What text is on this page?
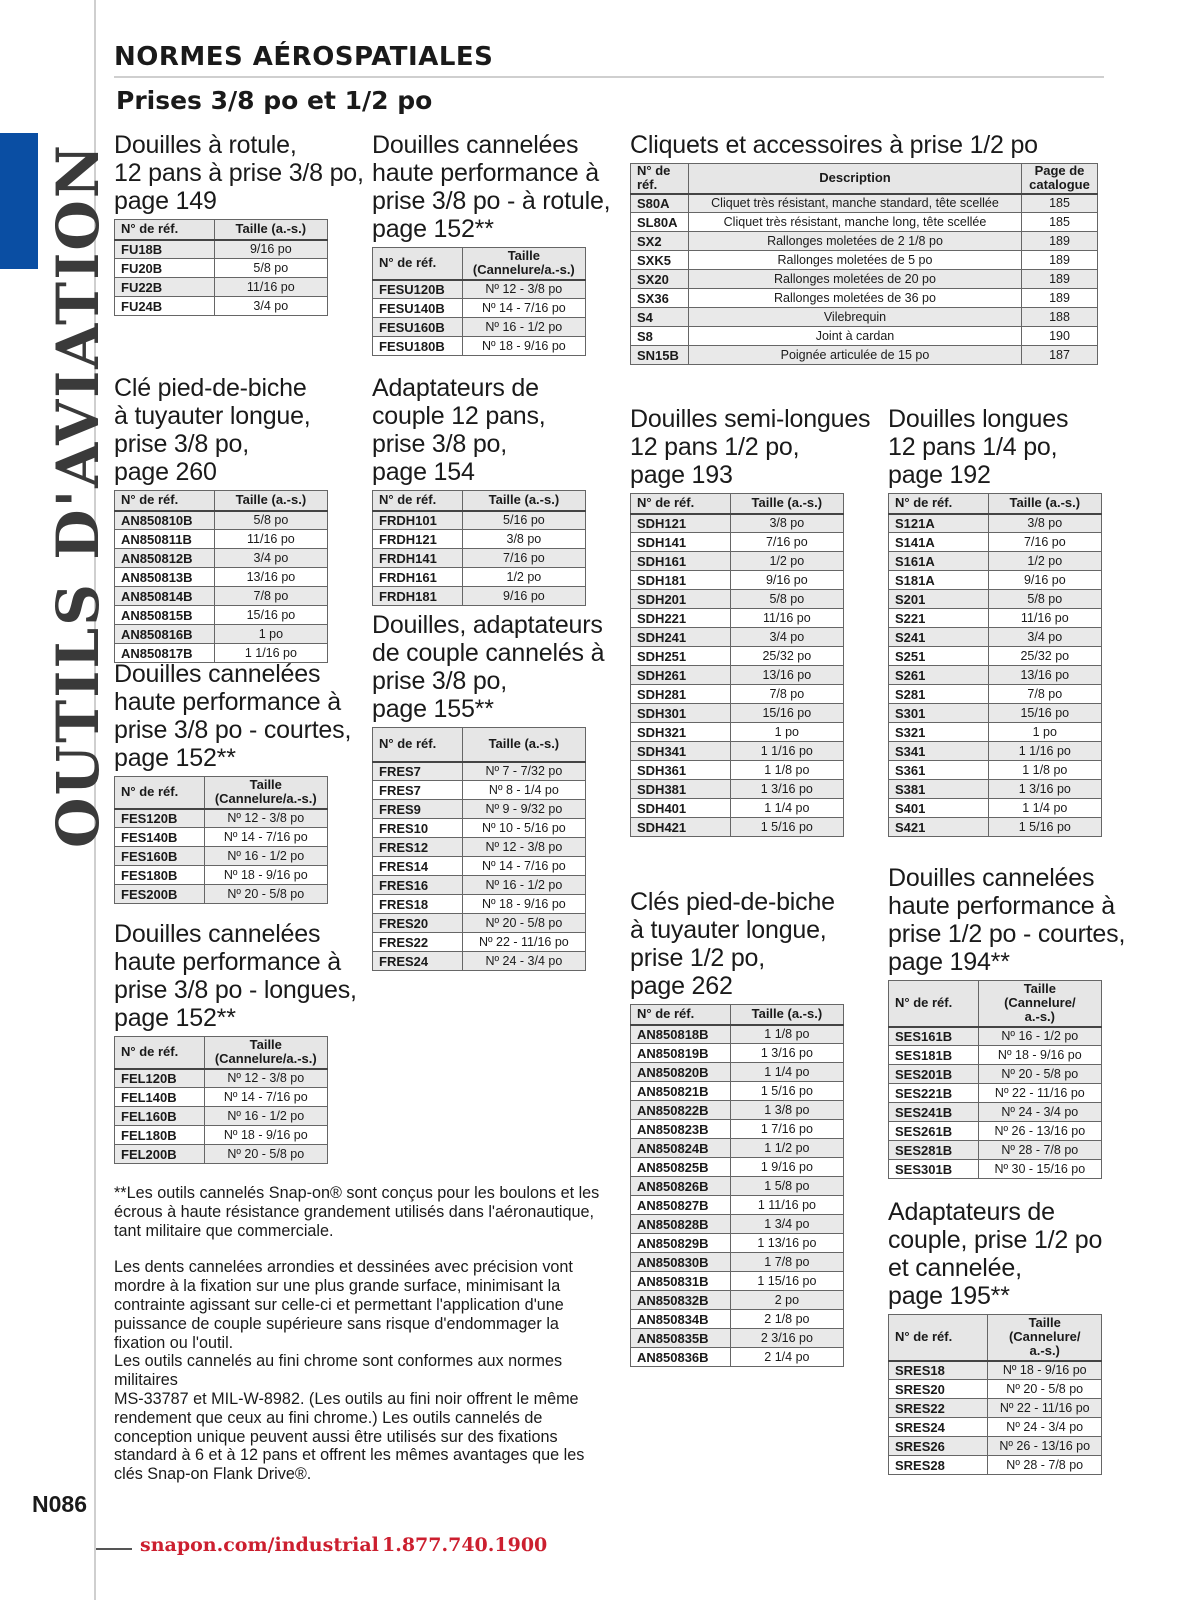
OUTILS D'AVIATION
N086
NORMES AÉROSPATIALES
Prises 3/8 po et 1/2 po
Douilles à rotule,
12 pans à prise 3/8 po,
page 149
N° de réf.	Taille (a.-s.)
FU18B	9/16 po
FU20B	5/8 po
FU22B	11/16 po
FU24B	3/4 po
Clé pied-de-biche
à tuyauter longue,
prise 3/8 po,
page 260
N° de réf.	Taille (a.-s.)
AN850810B	5/8 po
AN850811B	11/16 po
AN850812B	3/4 po
AN850813B	13/16 po
AN850814B	7/8 po
AN850815B	15/16 po
AN850816B	1 po
AN850817B	1 1/16 po
Douilles cannelées
haute performance à
prise 3/8 po - courtes,
page 152**
N° de réf.	Taille
(Cannelure/a.-s.)
FES120B	Nº 12 - 3/8 po
FES140B	Nº 14 - 7/16 po
FES160B	Nº 16 - 1/2 po
FES180B	Nº 18 - 9/16 po
FES200B	Nº 20 - 5/8 po
Douilles cannelées
haute performance à
prise 3/8 po - longues,
page 152**
N° de réf.	Taille
(Cannelure/a.-s.)
FEL120B	Nº 12 - 3/8 po
FEL140B	Nº 14 - 7/16 po
FEL160B	Nº 16 - 1/2 po
FEL180B	Nº 18 - 9/16 po
FEL200B	Nº 20 - 5/8 po
Douilles cannelées
haute performance à
prise 3/8 po - à rotule,
page 152**
N° de réf.	Taille
(Cannelure/a.-s.)
FESU120B	Nº 12 - 3/8 po
FESU140B	Nº 14 - 7/16 po
FESU160B	Nº 16 - 1/2 po
FESU180B	Nº 18 - 9/16 po
Adaptateurs de
couple 12 pans,
prise 3/8 po,
page 154
N° de réf.	Taille (a.-s.)
FRDH101	5/16 po
FRDH121	3/8 po
FRDH141	7/16 po
FRDH161	1/2 po
FRDH181	9/16 po
Douilles, adaptateurs
de couple cannelés à
prise 3/8 po,
page 155**
N° de réf.	Taille (a.-s.)
FRES7	Nº 7 - 7/32 po
FRES7	Nº 8 - 1/4 po
FRES9	Nº 9 - 9/32 po
FRES10	Nº 10 - 5/16 po
FRES12	Nº 12 - 3/8 po
FRES14	Nº 14 - 7/16 po
FRES16	Nº 16 - 1/2 po
FRES18	Nº 18 - 9/16 po
FRES20	Nº 20 - 5/8 po
FRES22	Nº 22 - 11/16 po
FRES24	Nº 24 - 3/4 po
Cliquets et accessoires à prise 1/2 po
N° de réf.	Description	Page de
catalogue
S80A	Cliquet très résistant, manche standard, tête scellée	185
SL80A	Cliquet très résistant, manche long, tête scellée	185
SX2	Rallonges moletées de 2 1/8 po	189
SXK5	Rallonges moletées de 5 po	189
SX20	Rallonges moletées de 20 po	189
SX36	Rallonges moletées de 36 po	189
S4	Vilebrequin	188
S8	Joint à cardan	190
SN15B	Poignée articulée de 15 po	187
Douilles semi-longues
12 pans 1/2 po,
page 193
N° de réf.	Taille (a.-s.)
SDH121	3/8 po
SDH141	7/16 po
SDH161	1/2 po
SDH181	9/16 po
SDH201	5/8 po
SDH221	11/16 po
SDH241	3/4 po
SDH251	25/32 po
SDH261	13/16 po
SDH281	7/8 po
SDH301	15/16 po
SDH321	1 po
SDH341	1 1/16 po
SDH361	1 1/8 po
SDH381	1 3/16 po
SDH401	1 1/4 po
SDH421	1 5/16 po
Douilles longues
12 pans 1/4 po,
page 192
N° de réf.	Taille (a.-s.)
S121A	3/8 po
S141A	7/16 po
S161A	1/2 po
S181A	9/16 po
S201	5/8 po
S221	11/16 po
S241	3/4 po
S251	25/32 po
S261	13/16 po
S281	7/8 po
S301	15/16 po
S321	1 po
S341	1 1/16 po
S361	1 1/8 po
S381	1 3/16 po
S401	1 1/4 po
S421	1 5/16 po
Clés pied-de-biche
à tuyauter longue,
prise 1/2 po,
page 262
N° de réf.	Taille (a.-s.)
AN850818B	1 1/8 po
AN850819B	1 3/16 po
AN850820B	1 1/4 po
AN850821B	1 5/16 po
AN850822B	1 3/8 po
AN850823B	1 7/16 po
AN850824B	1 1/2 po
AN850825B	1 9/16 po
AN850826B	1 5/8 po
AN850827B	1 11/16 po
AN850828B	1 3/4 po
AN850829B	1 13/16 po
AN850830B	1 7/8 po
AN850831B	1 15/16 po
AN850832B	2 po
AN850834B	2 1/8 po
AN850835B	2 3/16 po
AN850836B	2 1/4 po
Douilles cannelées
haute performance à
prise 1/2 po - courtes,
page 194**
N° de réf.	Taille
(Cannelure/
a.-s.)
SES161B	Nº 16 - 1/2 po
SES181B	Nº 18 - 9/16 po
SES201B	Nº 20 - 5/8 po
SES221B	Nº 22 - 11/16 po
SES241B	Nº 24 - 3/4 po
SES261B	Nº 26 - 13/16 po
SES281B	Nº 28 - 7/8 po
SES301B	Nº 30 - 15/16 po
Adaptateurs de
couple, prise 1/2 po
et cannelée,
page 195**
N° de réf.	Taille
(Cannelure/
a.-s.)
SRES18	Nº 18 - 9/16 po
SRES20	Nº 20 - 5/8 po
SRES22	Nº 22 - 11/16 po
SRES24	Nº 24 - 3/4 po
SRES26	Nº 26 - 13/16 po
SRES28	Nº 28 - 7/8 po

**Les outils cannelés Snap-on® sont conçus pour les boulons et les écrous à haute résistance grandement utilisés dans l'aéronautique, tant militaire que commerciale.

Les dents cannelées arrondies et dessinées avec précision vont mordre à la fixation sur une plus grande surface, minimisant la contrainte agissant sur celle-ci et permettant l'application d'une puissance de couple supérieure sans risque d'endommager la fixation ou l'outil.

Les outils cannelés au fini chrome sont conformes aux normes militaires

MS-33787 et MIL-W-8982. (Les outils au fini noir offrent le même rendement que ceux au fini chrome.) Les outils cannelés de conception unique peuvent aussi être utilisés sur des fixations standard à 6 et à 12 pans et offrent les mêmes avantages que les clés Snap-on Flank Drive®.

snapon.com/industrial 1.877.740.1900
